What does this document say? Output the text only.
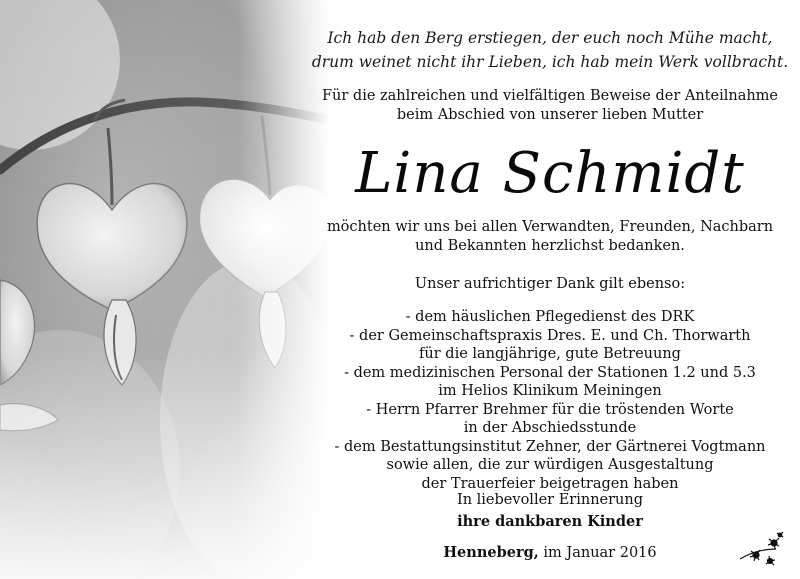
Ich hab den Berg erstiegen, der euch noch Mühe macht,
drum weinet nicht ihr Lieben, ich hab mein Werk vollbracht.
Für die zahlreichen und vielfältigen Beweise der Anteilnahme
beim Abschied von unserer lieben Mutter
Lina Schmidt
möchten wir uns bei allen Verwandten, Freunden, Nachbarn
und Bekannten herzlichst bedanken.
Unser aufrichtiger Dank gilt ebenso:
- dem häuslichen Pflegedienst des DRK
- der Gemeinschaftspraxis Dres. E. und Ch. Thorwarth
für die langjährige, gute Betreuung
- dem medizinischen Personal der Stationen 1.2 und 5.3
im Helios Klinikum Meiningen
- Herrn Pfarrer Brehmer für die tröstenden Worte
in der Abschiedsstunde
- dem Bestattungsinstitut Zehner, der Gärtnerei Vogtmann
sowie allen, die zur würdigen Ausgestaltung
der Trauerfeier beigetragen haben
In liebevoller Erinnerung
ihre dankbaren Kinder
Henneberg, im Januar 2016
